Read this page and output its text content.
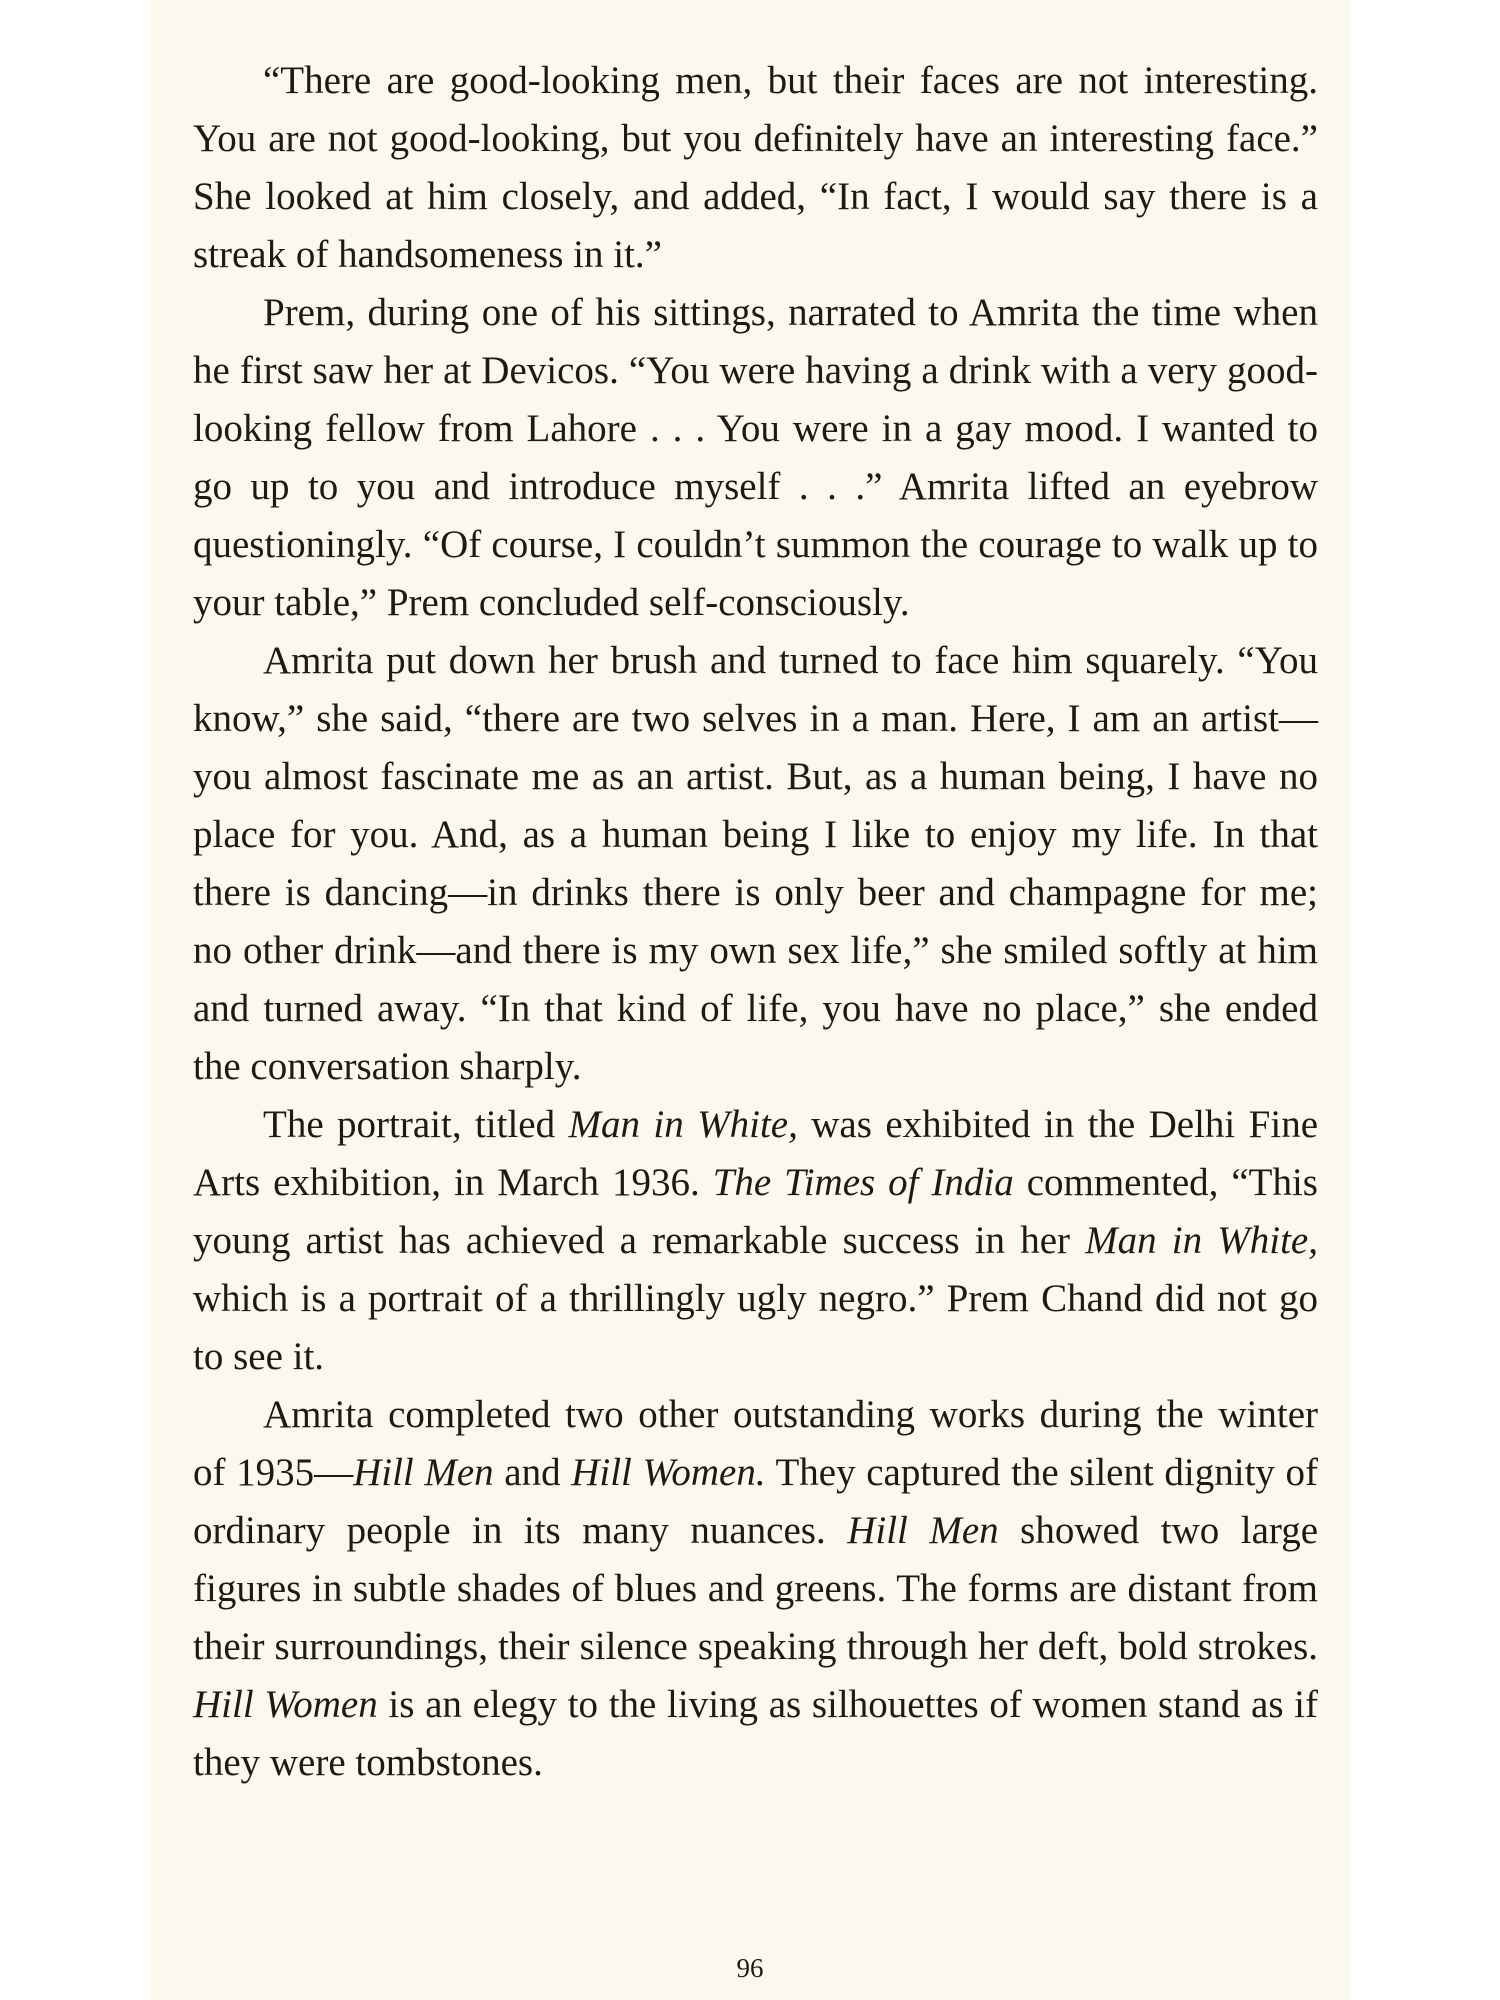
“There are good-looking men, but their faces are not interesting. You are not good-looking, but you definitely have an interesting face.” She looked at him closely, and added, “In fact, I would say there is a streak of handsomeness in it.”

Prem, during one of his sittings, narrated to Amrita the time when he first saw her at Devicos. “You were having a drink with a very good-looking fellow from Lahore . . . You were in a gay mood. I wanted to go up to you and introduce myself . . .” Amrita lifted an eyebrow questioningly. “Of course, I couldn’t summon the courage to walk up to your table,” Prem concluded self-consciously.

Amrita put down her brush and turned to face him squarely. “You know,” she said, “there are two selves in a man. Here, I am an artist—you almost fascinate me as an artist. But, as a human being, I have no place for you. And, as a human being I like to enjoy my life. In that there is dancing—in drinks there is only beer and champagne for me; no other drink—and there is my own sex life,” she smiled softly at him and turned away. “In that kind of life, you have no place,” she ended the conversation sharply.

The portrait, titled Man in White, was exhibited in the Delhi Fine Arts exhibition, in March 1936. The Times of India commented, “This young artist has achieved a remarkable success in her Man in White, which is a portrait of a thrillingly ugly negro.” Prem Chand did not go to see it.

Amrita completed two other outstanding works during the winter of 1935—Hill Men and Hill Women. They captured the silent dignity of ordinary people in its many nuances. Hill Men showed two large figures in subtle shades of blues and greens. The forms are distant from their surroundings, their silence speaking through her deft, bold strokes. Hill Women is an elegy to the living as silhouettes of women stand as if they were tombstones.

96
